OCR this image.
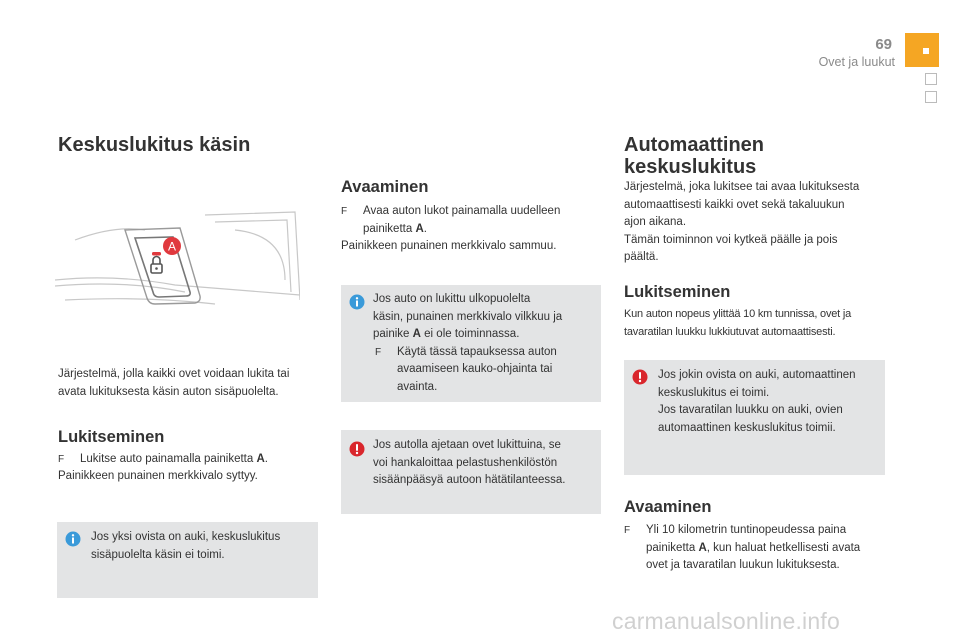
69
Ovet ja luukut
Keskuslukitus käsin
A
Järjestelmä, jolla kaikki ovet voidaan lukita tai
avata lukituksesta käsin auton sisäpuolelta.
Lukitseminen
F Lukitse auto painamalla painiketta A.
Painikkeen punainen merkkivalo syttyy.
Jos yksi ovista on auki, keskuslukitus
sisäpuolelta käsin ei toimi.
Avaaminen
F Avaa auton lukot painamalla uudelleen
painiketta A.
Painikkeen punainen merkkivalo sammuu.
Jos auto on lukittu ulkopuolelta
käsin, punainen merkkivalo vilkkuu ja
painike A ei ole toiminnassa.
F Käytä tässä tapauksessa auton
avaamiseen kauko-ohjainta tai
avainta.
Jos autolla ajetaan ovet lukittuina, se
voi hankaloittaa pelastushenkilöstön
sisäänpääsyä autoon hätätilanteessa.
Automaattinen
keskuslukitus
Järjestelmä, joka lukitsee tai avaa lukituksesta
automaattisesti kaikki ovet sekä takaluukun
ajon aikana.
Tämän toiminnon voi kytkeä päälle ja pois
päältä.
Lukitseminen
Kun auton nopeus ylittää 10 km tunnissa, ovet ja
tavaratilan luukku lukkiutuvat automaattisesti.
Jos jokin ovista on auki, automaattinen
keskuslukitus ei toimi.
Jos tavaratilan luukku on auki, ovien
automaattinen keskuslukitus toimii.
Avaaminen
F Yli 10 kilometrin tuntinopeudessa paina
painiketta A, kun haluat hetkellisesti avata
ovet ja tavaratilan luukun lukituksesta.
carmanualsonline.info
